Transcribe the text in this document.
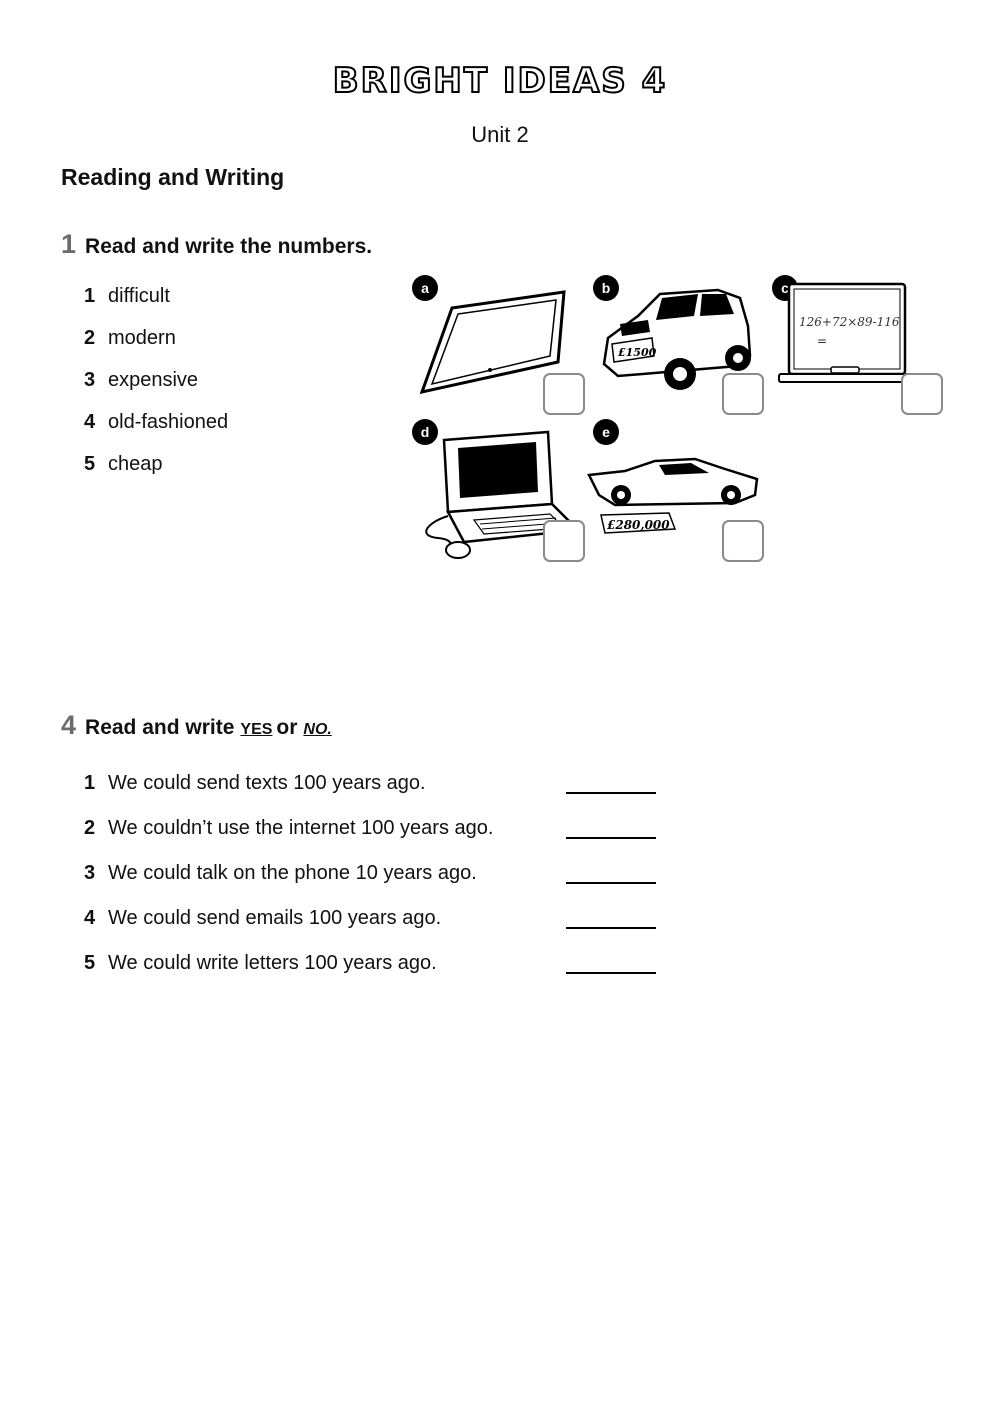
BRIGHT IDEAS 4
Unit 2
Reading and Writing
1 Read and write the numbers.
1 difficult
2 modern
3 expensive
4 old-fashioned
5 cheap
a	b
£1500
c
126+72×89-116
=
d	e
£280,000
4 Read and write YES or NO.
1 We could send texts 100 years ago.
2 We couldn’t use the internet 100 years ago.
3 We could talk on the phone 10 years ago.
4 We could send emails 100 years ago.
5 We could write letters 100 years ago.
